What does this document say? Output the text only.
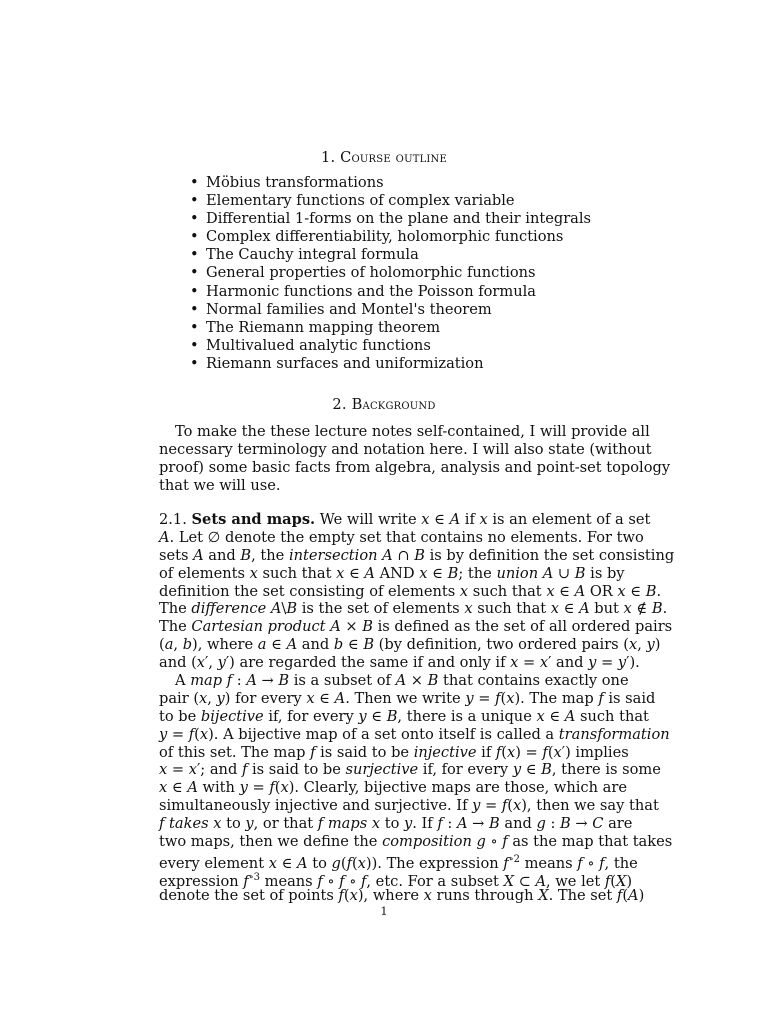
1. Course outline
• Möbius transformations
• Elementary functions of complex variable
• Differential 1-forms on the plane and their integrals
• Complex differentiability, holomorphic functions
• The Cauchy integral formula
• General properties of holomorphic functions
• Harmonic functions and the Poisson formula
• Normal families and Montel's theorem
• The Riemann mapping theorem
• Multivalued analytic functions
• Riemann surfaces and uniformization
2. Background
To make the these lecture notes self-contained, I will provide all
necessary terminology and notation here. I will also state (without
proof) some basic facts from algebra, analysis and point-set topology
that we will use.
2.1. Sets and maps. We will write x ∈ A if x is an element of a set
A. Let ∅ denote the empty set that contains no elements. For two
sets A and B, the intersection A ∩ B is by definition the set consisting
of elements x such that x ∈ A AND x ∈ B; the union A ∪ B is by
definition the set consisting of elements x such that x ∈ A OR x ∈ B.
The difference A\B is the set of elements x such that x ∈ A but x ∉ B.
The Cartesian product A × B is defined as the set of all ordered pairs
(a, b), where a ∈ A and b ∈ B (by definition, two ordered pairs (x, y)
and (x′, y′) are regarded the same if and only if x = x′ and y = y′).
A map f : A → B is a subset of A × B that contains exactly one
pair (x, y) for every x ∈ A. Then we write y = f(x). The map f is said
to be bijective if, for every y ∈ B, there is a unique x ∈ A such that
y = f(x). A bijective map of a set onto itself is called a transformation
of this set. The map f is said to be injective if f(x) = f(x′) implies
x = x′; and f is said to be surjective if, for every y ∈ B, there is some
x ∈ A with y = f(x). Clearly, bijective maps are those, which are
simultaneously injective and surjective. If y = f(x), then we say that
f takes x to y, or that f maps x to y. If f : A → B and g : B → C are
two maps, then we define the composition g ∘ f as the map that takes
every element x ∈ A to g(f(x)). The expression $f^{\circ 2}$ means f ∘ f, the
expression $f^{\circ 3}$ means f ∘ f ∘ f, etc. For a subset X ⊂ A, we let f(X)
denote the set of points f(x), where x runs through X. The set f(A)
1
